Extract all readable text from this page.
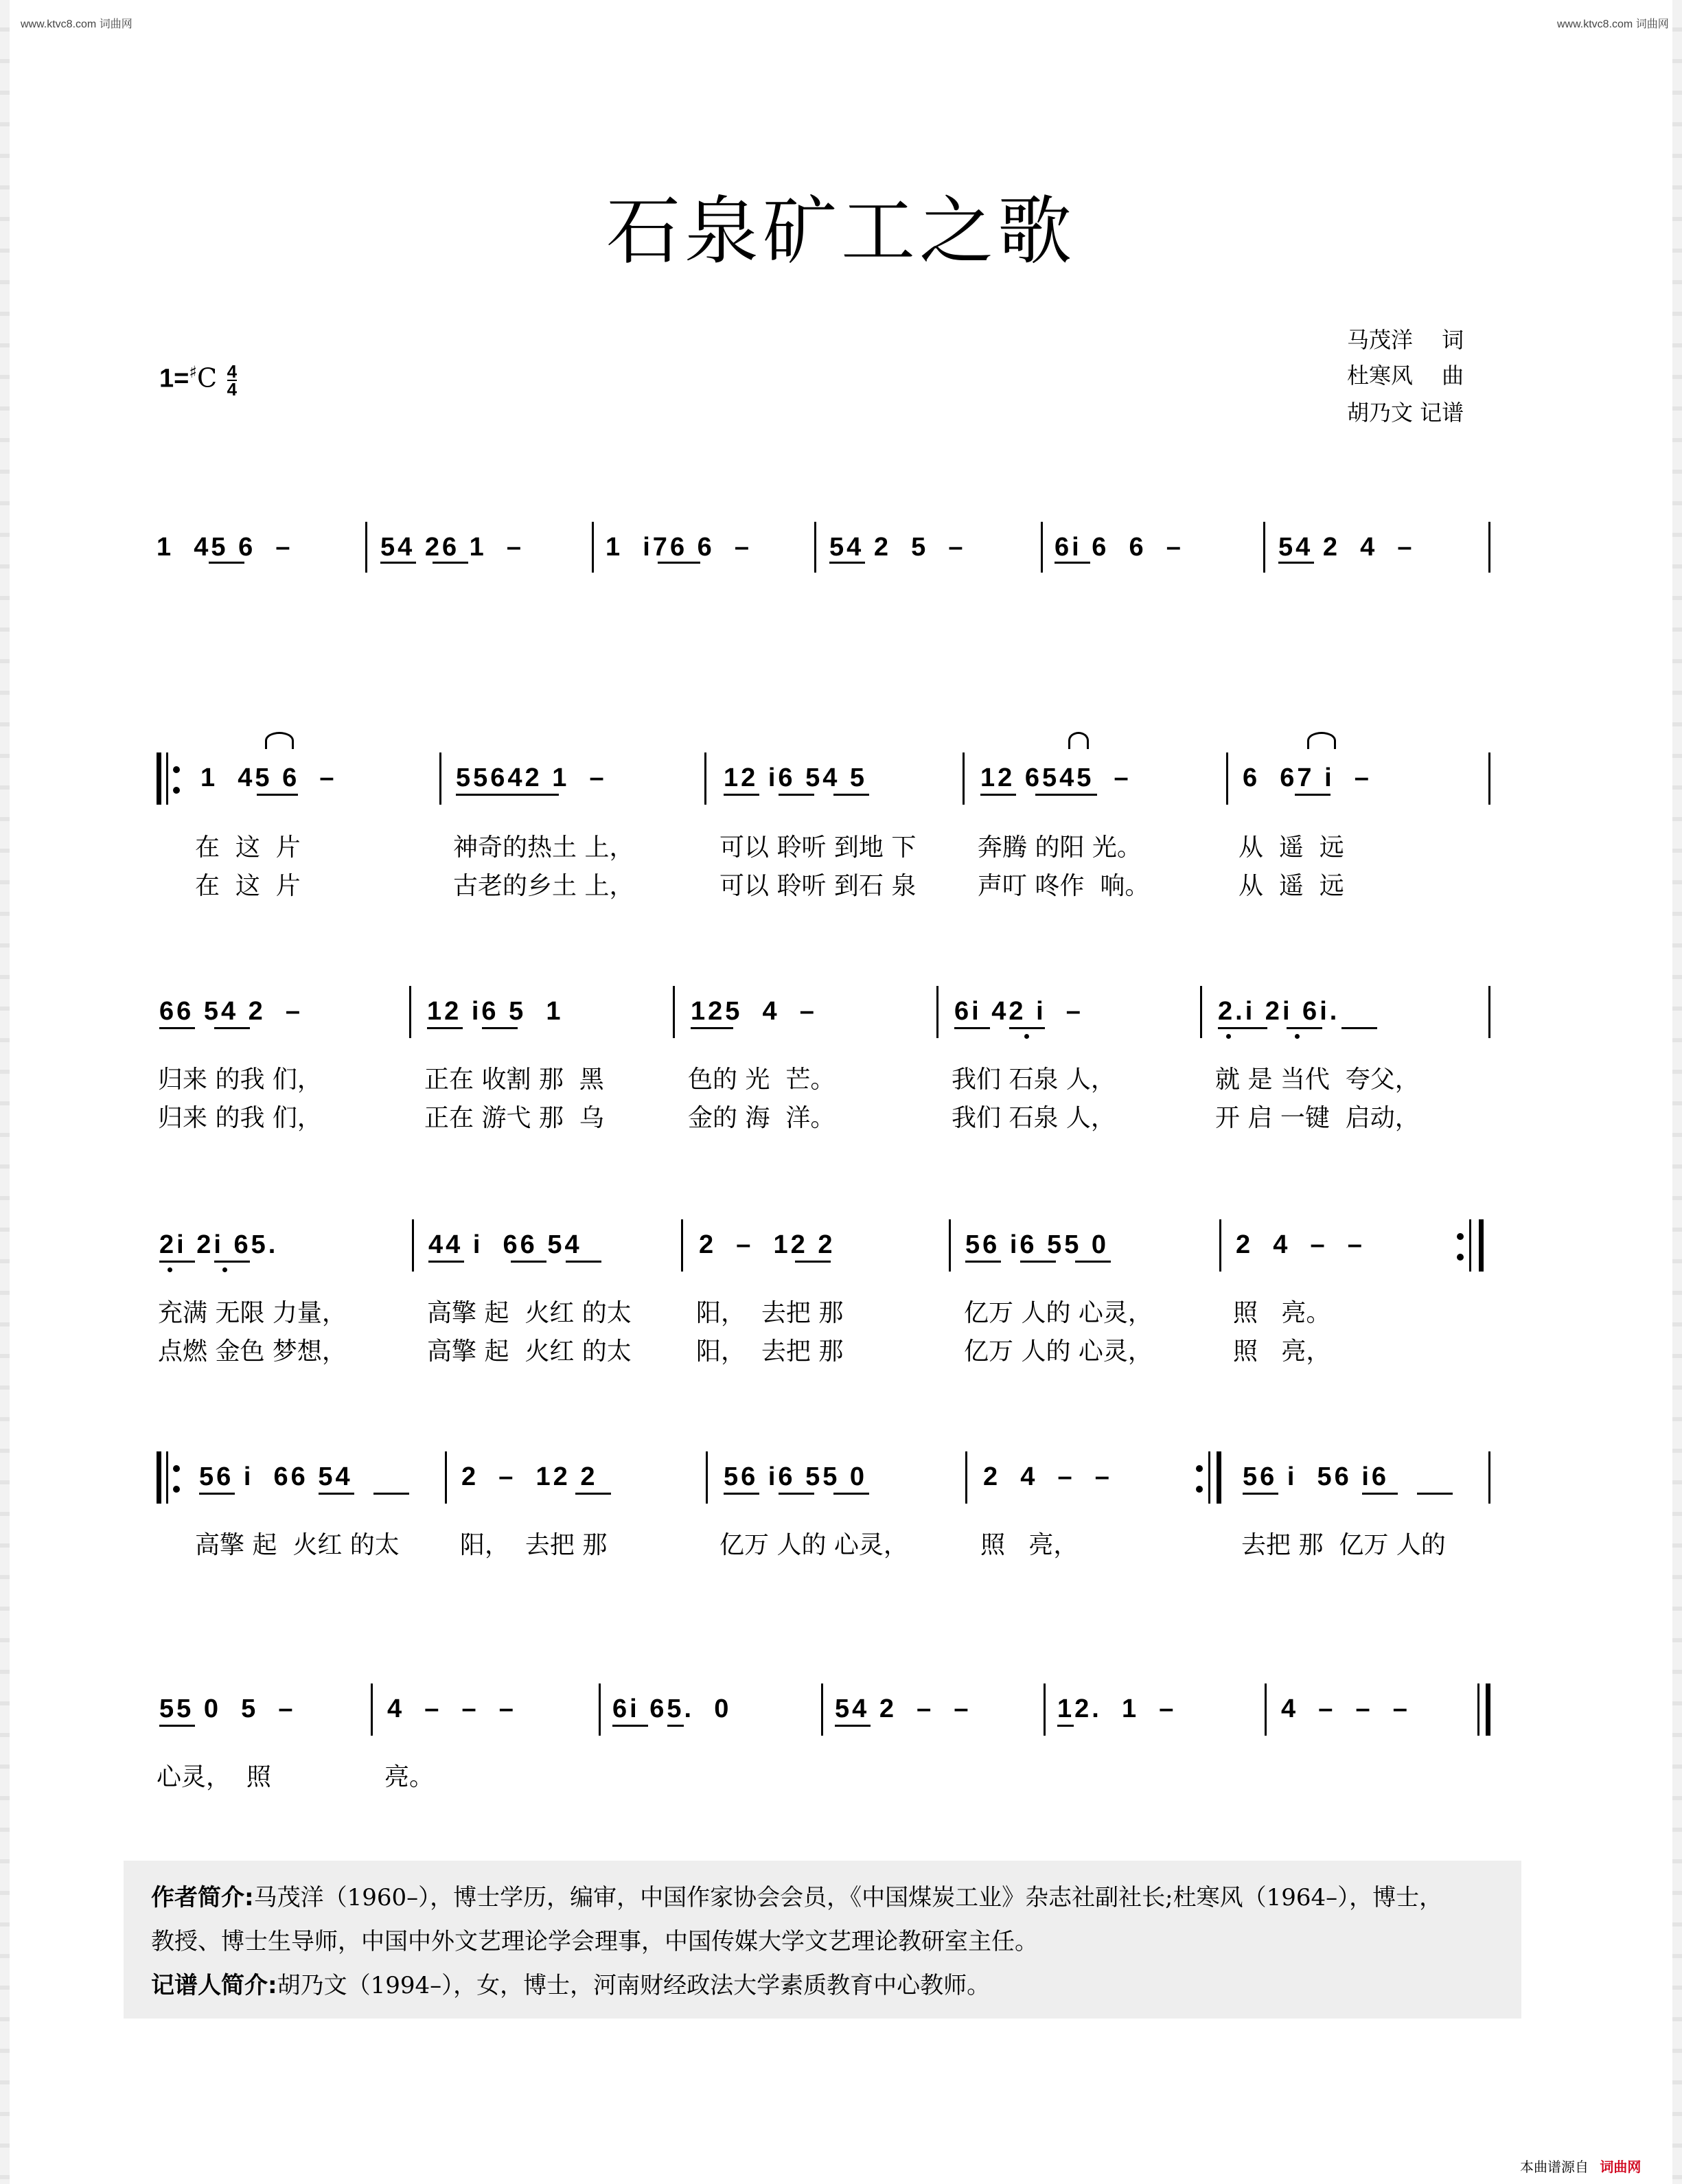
www.ktvc8.com 词曲网	www.ktvc8.com 词曲网
石泉矿工之歌
马茂洋　 词
杜寒风　 曲
胡乃文 记谱
$1=^♯C \frac{4}{4}$
1  45 6  –	54 26 1  –	1  i76 6  –	54 2  5  –	6i 6  6  –	54 2  4  –
1  45 6  –	55642 1  –	12 i6 54 5	12 6545  –	6  67 i  –
在  这  片	神奇的热土 上，	可以 聆听 到地 下 奔腾 的阳 光。	从  遥  远
在  这  片	古老的乡土 上，	可以 聆听 到石 泉 声叮 咚作  响。	从  遥  远
66 54 2  –	12 i6 5  1	125  4  –	6i 42 i  –	2.i 2i 6i.
归来 的我 们，	正在 收割 那  黑	色的 光  芒。	我们 石泉 人，	就 是 当代  夸父，
归来 的我 们，	正在 游弋 那  乌	金的 海  洋。	我们 石泉 人，	开 启 一键  启动，
2i 2i 65.	44 i  66 54	2  –  12 2	56 i6 55 0	2  4  –  –
充满 无限 力量，	高擎 起  火红 的太	阳，  去把 那	亿万 人的 心灵，	照   亮。
点燃 金色 梦想，	高擎 起  火红 的太	阳，  去把 那	亿万 人的 心灵，	照   亮，
56 i  66 54	2  –  12 2	56 i6 55 0	2  4  –  –	56 i  56 i6
高擎 起  火红 的太 阳，  去把 那	亿万 人的 心灵，	照   亮，	去把 那  亿万 人的
55 0  5  –	4  –  –  –	6i 65.  0	54 2  –  –	12.  1  –	4  –  –  –
心灵，  照	亮。
作者简介:马茂洋（1960–），博士学历，编审，中国作家协会会员，《中国煤炭工业》杂志社副社长;杜寒风（1964–），博士，
教授、博士生导师，中国中外文艺理论学会理事，中国传媒大学文艺理论教研室主任。
记谱人简介:胡乃文（1994–），女，博士，河南财经政法大学素质教育中心教师。
本曲谱源自 词曲网
